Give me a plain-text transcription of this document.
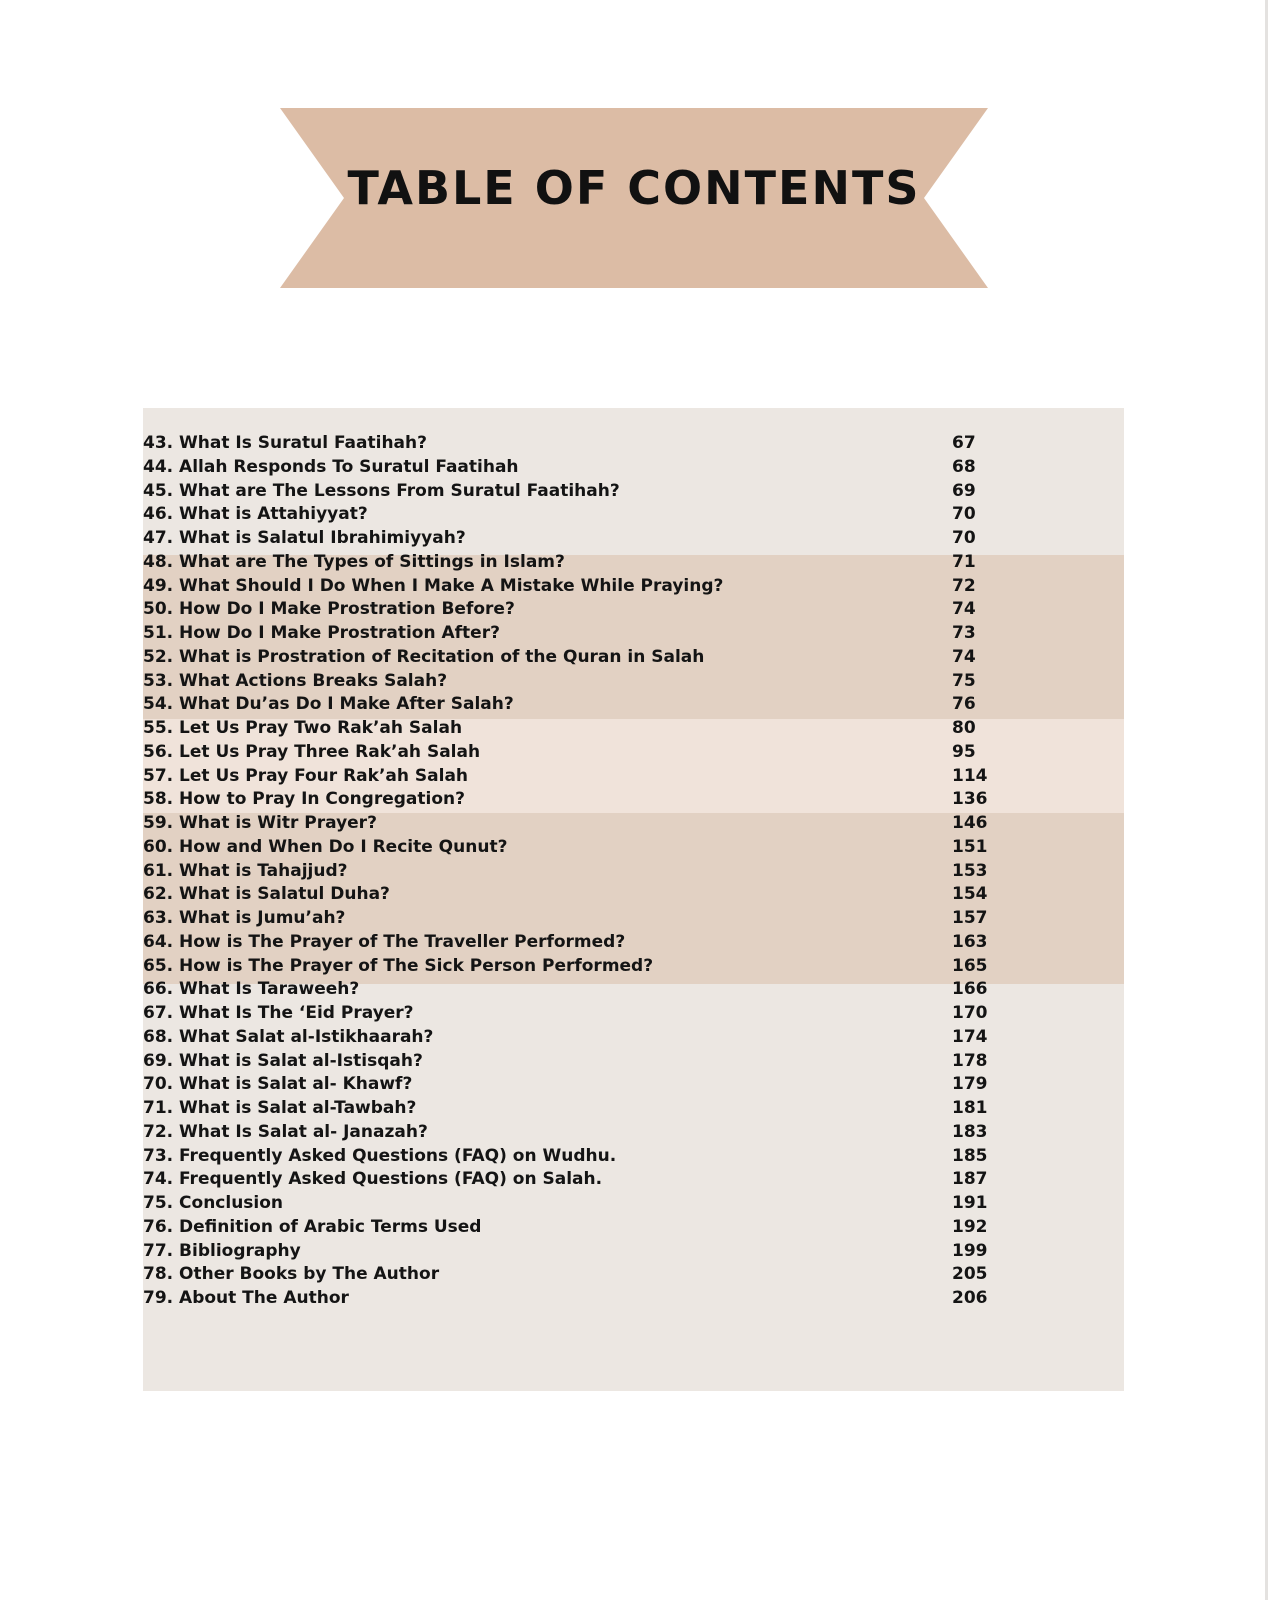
TABLE OF CONTENTS
43. What Is Suratul Faatihah?	67
44. Allah Responds To Suratul Faatihah	68
45. What are The Lessons From Suratul Faatihah?	69
46. What is Attahiyyat?	70
47. What is Salatul Ibrahimiyyah?	70
48. What are The Types of Sittings in Islam?	71
49. What Should I Do When I Make A Mistake While Praying?	72
50. How Do I Make Prostration Before?	74
51. How Do I Make Prostration After?	73
52. What is Prostration of Recitation of the Quran in Salah	74
53. What Actions Breaks Salah?	75
54. What Du’as Do I Make After Salah?	76
55. Let Us Pray Two Rak’ah Salah	80
56. Let Us Pray Three Rak’ah Salah	95
57. Let Us Pray Four Rak’ah Salah	114
58. How to Pray In Congregation?	136
59. What is Witr Prayer?	146
60. How and When Do I Recite Qunut?	151
61. What is Tahajjud?	153
62. What is Salatul Duha?	154
63. What is Jumu’ah?	157
64. How is The Prayer of The Traveller Performed?	163
65. How is The Prayer of The Sick Person Performed?	165
66. What Is Taraweeh?	166
67. What Is The ‘Eid Prayer?	170
68. What Salat al-Istikhaarah?	174
69. What is Salat al-Istisqah?	178
70. What is Salat al- Khawf?	179
71. What is Salat al-Tawbah?	181
72. What Is Salat al- Janazah?	183
73. Frequently Asked Questions (FAQ) on Wudhu.	185
74. Frequently Asked Questions (FAQ) on Salah.	187
75. Conclusion	191
76. Definition of Arabic Terms Used	192
77. Bibliography	199
78. Other Books by The Author	205
79. About The Author	206
